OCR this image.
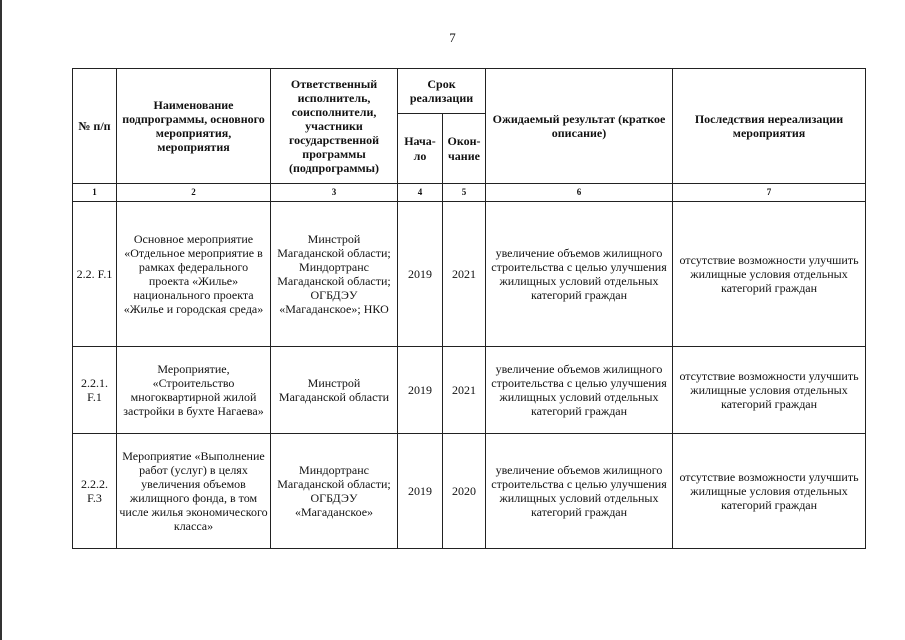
7
№ п/п	Наименование подпрограммы, основного мероприятия, мероприятия	Ответственный исполнитель, соисполнители, участники государственной программы (подпрограммы)	Срок реализации		Ожидаемый результат (краткое описание)	Последствия нереализации мероприятия
			Нача-ло	Окон-чание		
1	2	3	4	5	6	7
2.2. F.1	Основное мероприятие «Отдельное мероприятие в рамках федерального проекта «Жилье» национального проекта «Жилье и городская среда»	Минстрой Магаданской области; Миндортранс Магаданской области; ОГБДЭУ «Магаданское»; НКО	2019	2021	увеличение объемов жилищного строительства с целью улучшения жилищных условий отдельных категорий граждан	отсутствие возможности улучшить жилищные условия отдельных категорий граждан
2.2.1. F.1	Мероприятие, «Строительство многоквартирной жилой застройки в бухте Нагаева»	Минстрой Магаданской области	2019	2021	увеличение объемов жилищного строительства с целью улучшения жилищных условий отдельных категорий граждан	отсутствие возможности улучшить жилищные условия отдельных категорий граждан
2.2.2. F.3	Мероприятие «Выполнение работ (услуг) в целях увеличения объемов жилищного фонда, в том числе жилья экономического класса»	Миндортранс Магаданской области; ОГБДЭУ «Магаданское»	2019	2020	увеличение объемов жилищного строительства с целью улучшения жилищных условий отдельных категорий граждан	отсутствие возможности улучшить жилищные условия отдельных категорий граждан
